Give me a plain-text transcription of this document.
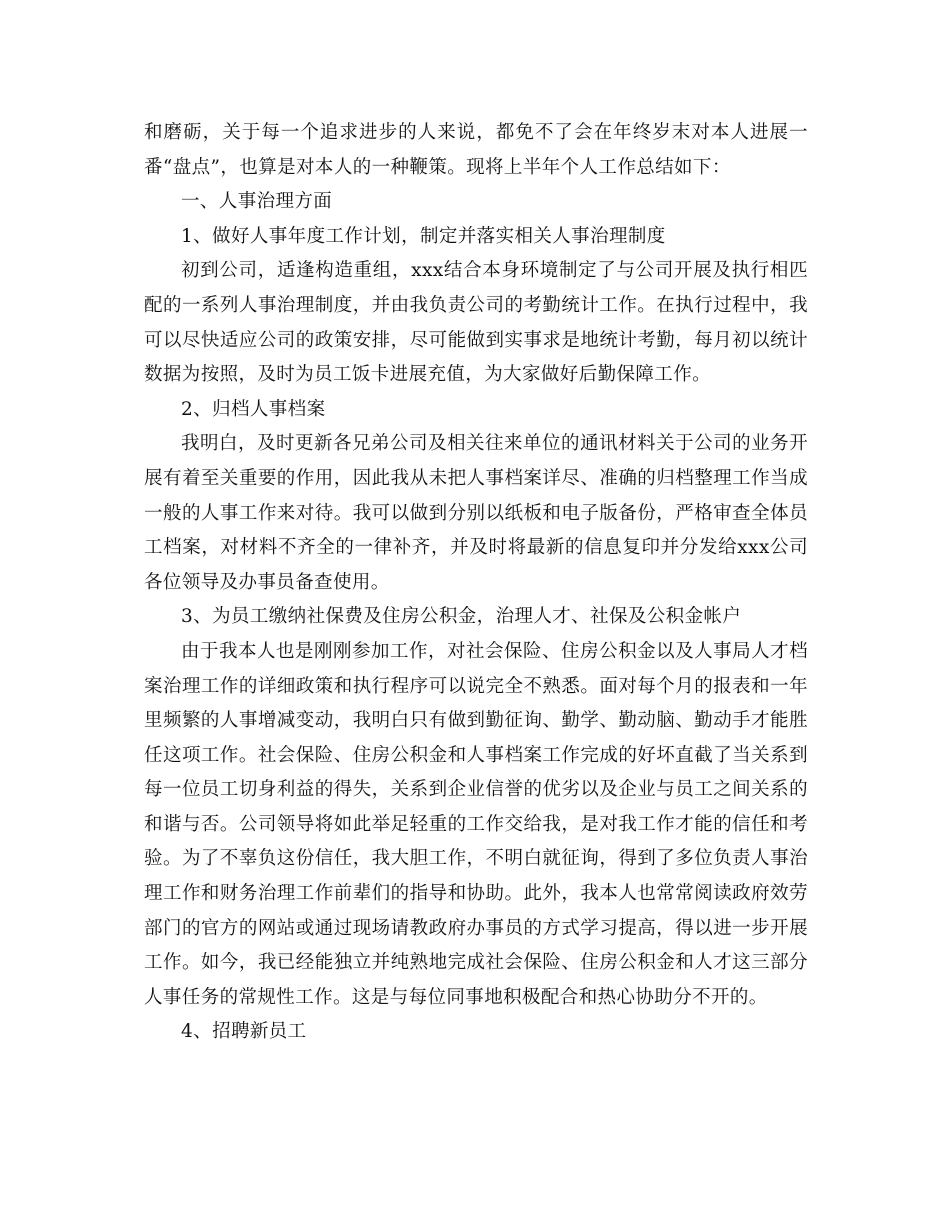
和磨砺，关于每一个追求进步的人来说，都免不了会在年终岁末对本人进展一番“盘点”，也算是对本人的一种鞭策。现将上半年个人工作总结如下：

一、人事治理方面

1、做好人事年度工作计划，制定并落实相关人事治理制度

初到公司，适逢构造重组，xxx结合本身环境制定了与公司开展及执行相匹配的一系列人事治理制度，并由我负责公司的考勤统计工作。在执行过程中，我可以尽快适应公司的政策安排，尽可能做到实事求是地统计考勤，每月初以统计数据为按照，及时为员工饭卡进展充值，为大家做好后勤保障工作。

2、归档人事档案

我明白，及时更新各兄弟公司及相关往来单位的通讯材料关于公司的业务开展有着至关重要的作用，因此我从未把人事档案详尽、准确的归档整理工作当成一般的人事工作来对待。我可以做到分别以纸板和电子版备份，严格审查全体员工档案，对材料不齐全的一律补齐，并及时将最新的信息复印并分发给xxx公司各位领导及办事员备查使用。

3、为员工缴纳社保费及住房公积金，治理人才、社保及公积金帐户

由于我本人也是刚刚参加工作，对社会保险、住房公积金以及人事局人才档案治理工作的详细政策和执行程序可以说完全不熟悉。面对每个月的报表和一年里频繁的人事增减变动，我明白只有做到勤征询、勤学、勤动脑、勤动手才能胜任这项工作。社会保险、住房公积金和人事档案工作完成的好坏直截了当关系到每一位员工切身利益的得失，关系到企业信誉的优劣以及企业与员工之间关系的和谐与否。公司领导将如此举足轻重的工作交给我，是对我工作才能的信任和考验。为了不辜负这份信任，我大胆工作，不明白就征询，得到了多位负责人事治理工作和财务治理工作前辈们的指导和协助。此外，我本人也常常阅读政府效劳部门的官方的网站或通过现场请教政府办事员的方式学习提高，得以进一步开展工作。如今，我已经能独立并纯熟地完成社会保险、住房公积金和人才这三部分人事任务的常规性工作。这是与每位同事地积极配合和热心协助分不开的。

4、招聘新员工
